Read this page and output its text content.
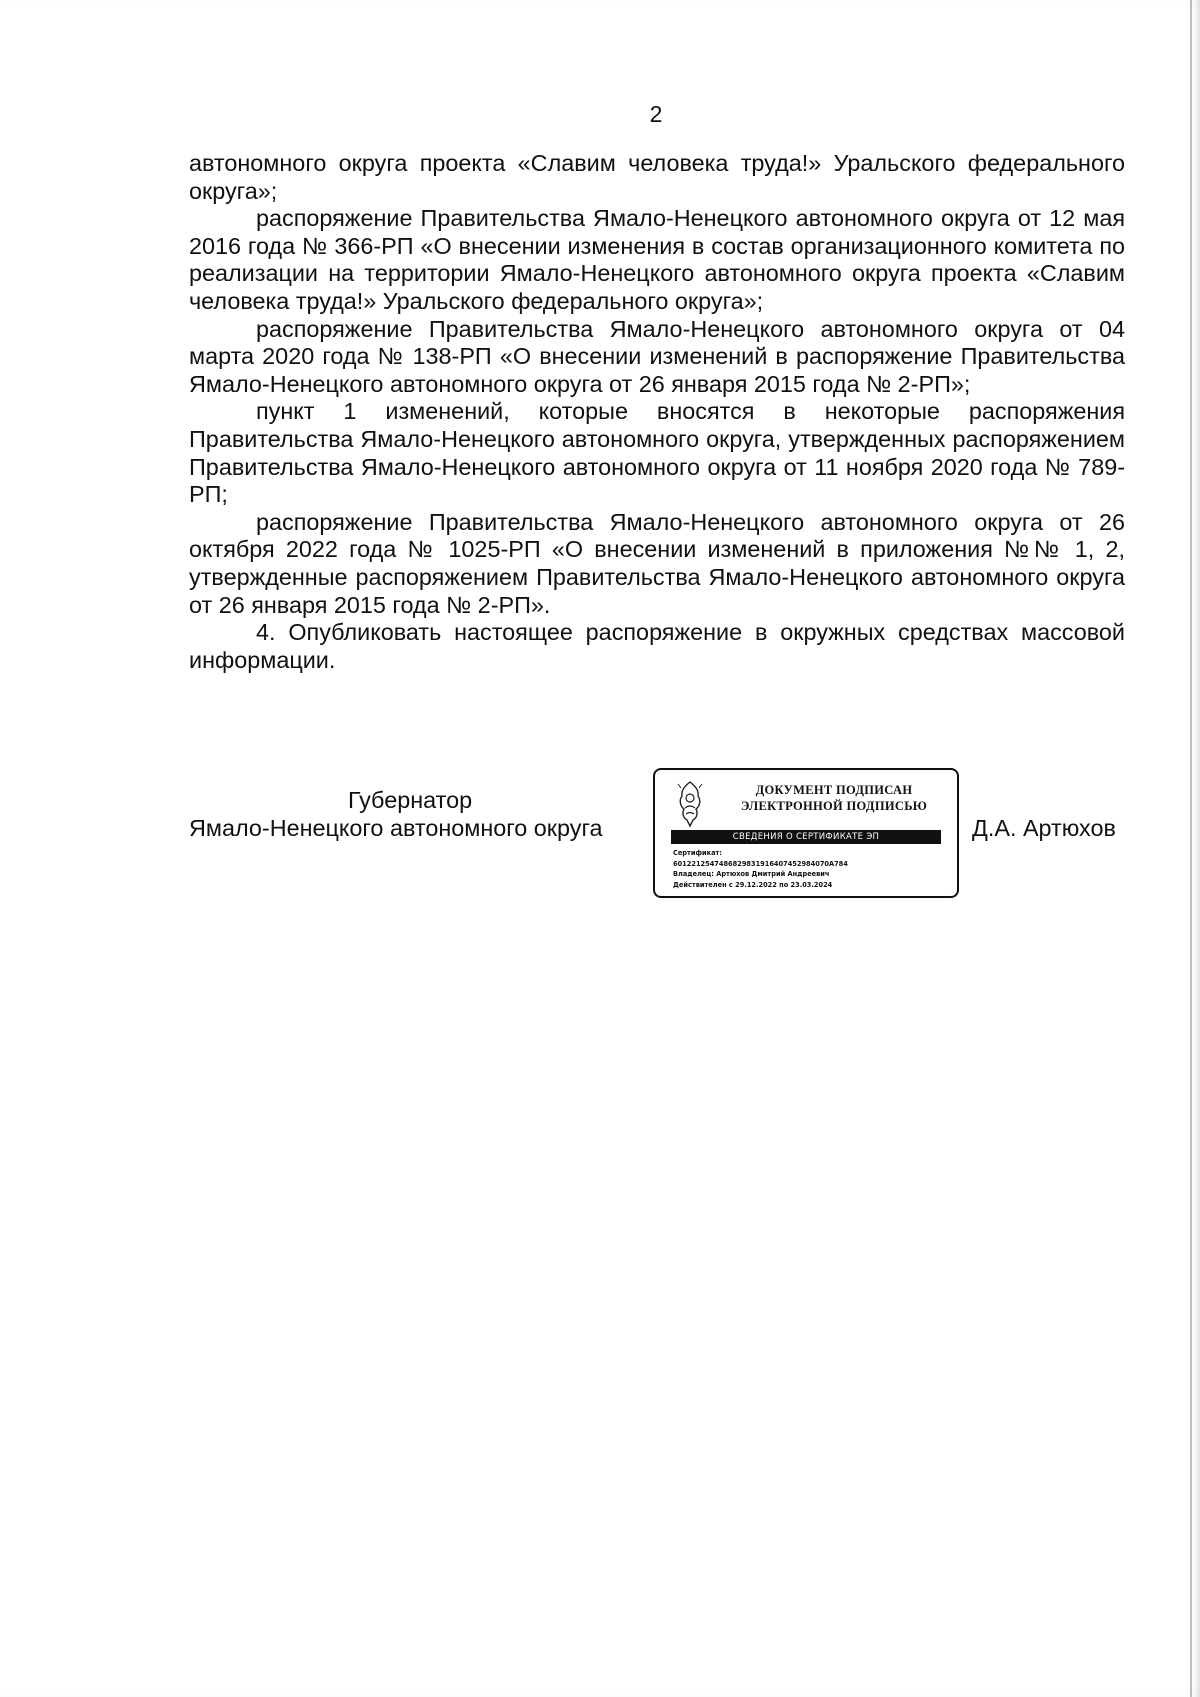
2

автономного округа проекта «Славим человека труда!» Уральского федерального округа»;

распоряжение Правительства Ямало-Ненецкого автономного округа от 12 мая 2016 года № 366-РП «О внесении изменения в состав организационного комитета по реализации на территории Ямало-Ненецкого автономного округа проекта «Славим человека труда!» Уральского федерального округа»;

распоряжение Правительства Ямало-Ненецкого автономного округа от 04 марта 2020 года № 138-РП «О внесении изменений в распоряжение Правительства Ямало-Ненецкого автономного округа от 26 января 2015 года № 2-РП»;

пункт 1 изменений, которые вносятся в некоторые распоряжения Правительства Ямало-Ненецкого автономного округа, утвержденных распоряжением Правительства Ямало-Ненецкого автономного округа от 11 ноября 2020 года № 789-РП;

распоряжение Правительства Ямало-Ненецкого автономного округа от 26 октября 2022 года № 1025-РП «О внесении изменений в приложения №№ 1, 2, утвержденные распоряжением Правительства Ямало-Ненецкого автономного округа от 26 января 2015 года № 2-РП».

4. Опубликовать настоящее распоряжение в окружных средствах массовой информации.

Губернатор
Ямало-Ненецкого автономного округа
ДОКУМЕНТ ПОДПИСАН
ЭЛЕКТРОННОЙ ПОДПИСЬЮ
СВЕДЕНИЯ О СЕРТИФИКАТЕ ЭП
Сертификат:
6012212547486829831916407452984070A784
Владелец: Артюхов Дмитрий Андреевич
Действителен с 29.12.2022 по 23.03.2024
Д.А. Артюхов
